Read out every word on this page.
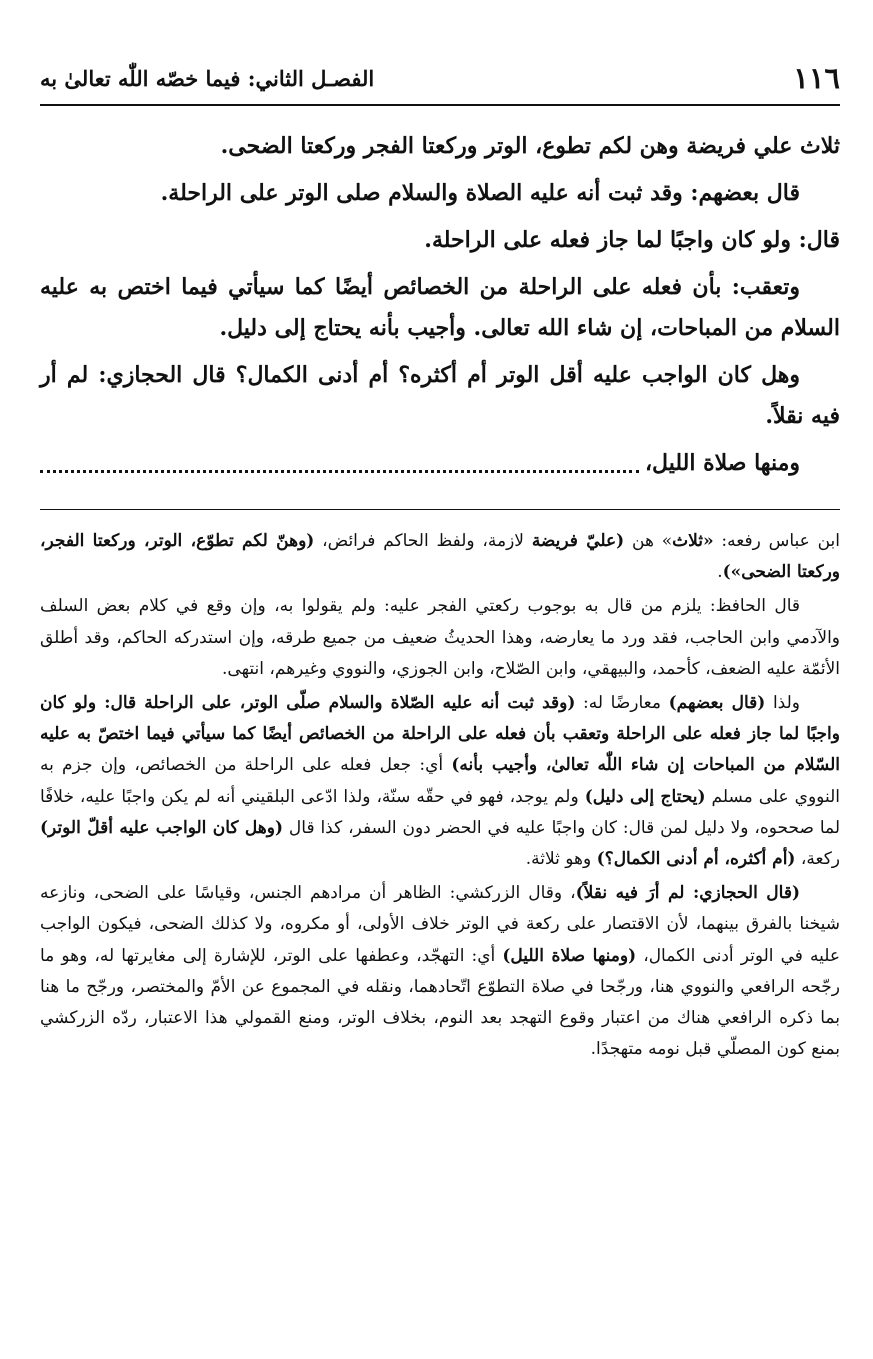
١١٦
الفصـل الثاني: فيما خصّه اللّٰه تعالىٰ به

ثلاث علي فريضة وهن لكم تطوع، الوتر وركعتا الفجر وركعتا الضحى.

قال بعضهم: وقد ثبت أنه عليه الصلاة والسلام صلى الوتر على الراحلة.

قال: ولو كان واجبًا لما جاز فعله على الراحلة.

وتعقب: بأن فعله على الراحلة من الخصائص أيضًا كما سيأتي فيما اختص به عليه السلام من المباحات، إن شاء الله تعالى. وأجيب بأنه يحتاج إلى دليل.

وهل كان الواجب عليه أقل الوتر أم أكثره؟ أم أدنى الكمال؟ قال الحجازي: لم أر فيه نقلاً.

ومنها صلاة الليل،

ابن عباس رفعه: «ثلاث» هن (عليّ فريضة لازمة، ولفظ الحاكم فرائض، (وهنّ لكم تطوّع، الوتر، وركعتا الفجر، وركعتا الضحى»).

قال الحافظ: يلزم من قال به بوجوب ركعتي الفجر عليه: ولم يقولوا به، وإن وقع في كلام بعض السلف والآدمي وابن الحاجب، فقد ورد ما يعارضه، وهذا الحديثُ ضعيف من جميع طرقه، وإن استدركه الحاكم، وقد أطلق الأئمّة عليه الضعف، كأحمد، والبيهقي، وابن الصّلاح، وابن الجوزي، والنووي وغيرهم، انتهى.

ولذا (قال بعضهم) معارضًا له: (وقد ثبت أنه عليه الصّلاة والسلام صلّى الوتر، على الراحلة قال: ولو كان واجبًا لما جاز فعله على الراحلة وتعقب بأن فعله على الراحلة من الخصائص أيضًا كما سيأتي فيما اختصّ به عليه السّلام من المباحات إن شاء اللّٰه تعالىٰ، وأجيب بأنه) أي: جعل فعله على الراحلة من الخصائص، وإن جزم به النووي على مسلم (يحتاج إلى دليل) ولم يوجد، فهو في حقّه سنّة، ولذا ادّعى البلقيني أنه لم يكن واجبًا عليه، خلافًا لما صححوه، ولا دليل لمن قال: كان واجبًا عليه في الحضر دون السفر، كذا قال (وهل كان الواجب عليه أقلّ الوتر) ركعة، (أم أكثره، أم أدنى الكمال؟) وهو ثلاثة.

(قال الحجازي: لم أرَ فيه نقلاً)، وقال الزركشي: الظاهر أن مرادهم الجنس، وقياسًا على الضحى، ونازعه شيخنا بالفرق بينهما، لأن الاقتصار على ركعة في الوتر خلاف الأولى، أو مكروه، ولا كذلك الضحى، فيكون الواجب عليه في الوتر أدنى الكمال، (ومنها صلاة الليل) أي: التهجّد، وعطفها على الوتر، للإشارة إلى مغايرتها له، وهو ما رجّحه الرافعي والنووي هنا، ورجّحا في صلاة التطوّع اتّحادهما، ونقله في المجموع عن الأمّ والمختصر، ورجّح ما هنا بما ذكره الرافعي هناك من اعتبار وقوع التهجد بعد النوم، بخلاف الوتر، ومنع القمولي هذا الاعتبار، ردّه الزركشي بمنع كون المصلّي قبل نومه متهجدًا.
